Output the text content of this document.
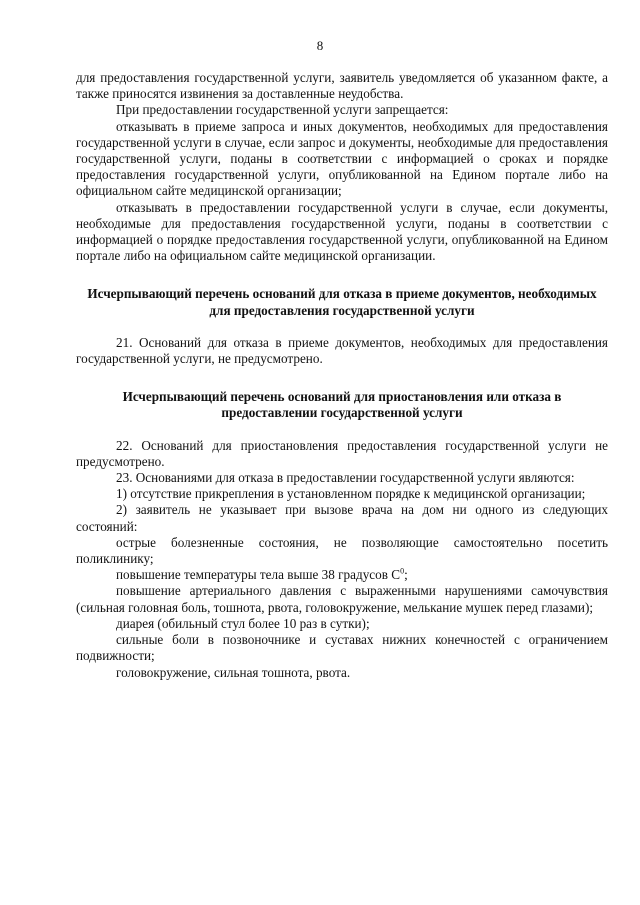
8

для предоставления государственной услуги, заявитель уведомляется об указанном факте, а также приносятся извинения за доставленные неудобства.

При предоставлении государственной услуги запрещается:

отказывать в приеме запроса и иных документов, необходимых для предоставления государственной услуги в случае, если запрос и документы, необходимые для предоставления государственной услуги, поданы в соответствии с информацией о сроках и порядке предоставления государственной услуги, опубликованной на Едином портале либо на официальном сайте медицинской организации;

отказывать в предоставлении государственной услуги в случае, если документы, необходимые для предоставления государственной услуги, поданы в соответствии с информацией о порядке предоставления государственной услуги, опубликованной на Едином портале либо на официальном сайте медицинской организации.

Исчерпывающий перечень оснований для отказа в приеме документов, необходимых для предоставления государственной услуги

21. Оснований для отказа в приеме документов, необходимых для предоставления государственной услуги, не предусмотрено.

Исчерпывающий перечень оснований для приостановления или отказа в предоставлении государственной услуги

22. Оснований для приостановления предоставления государственной услуги не предусмотрено.

23. Основаниями для отказа в предоставлении государственной услуги являются:

1) отсутствие прикрепления в установленном порядке к медицинской организации;

2) заявитель не указывает при вызове врача на дом ни одного из следующих состояний:

острые болезненные состояния, не позволяющие самостоятельно посетить поликлинику;

повышение температуры тела выше 38 градусов $С^0$;

повышение артериального давления с выраженными нарушениями самочувствия (сильная головная боль, тошнота, рвота, головокружение, мелькание мушек перед глазами);

диарея (обильный стул более 10 раз в сутки);

сильные боли в позвоночнике и суставах нижних конечностей с ограничением подвижности;

головокружение, сильная тошнота, рвота.
